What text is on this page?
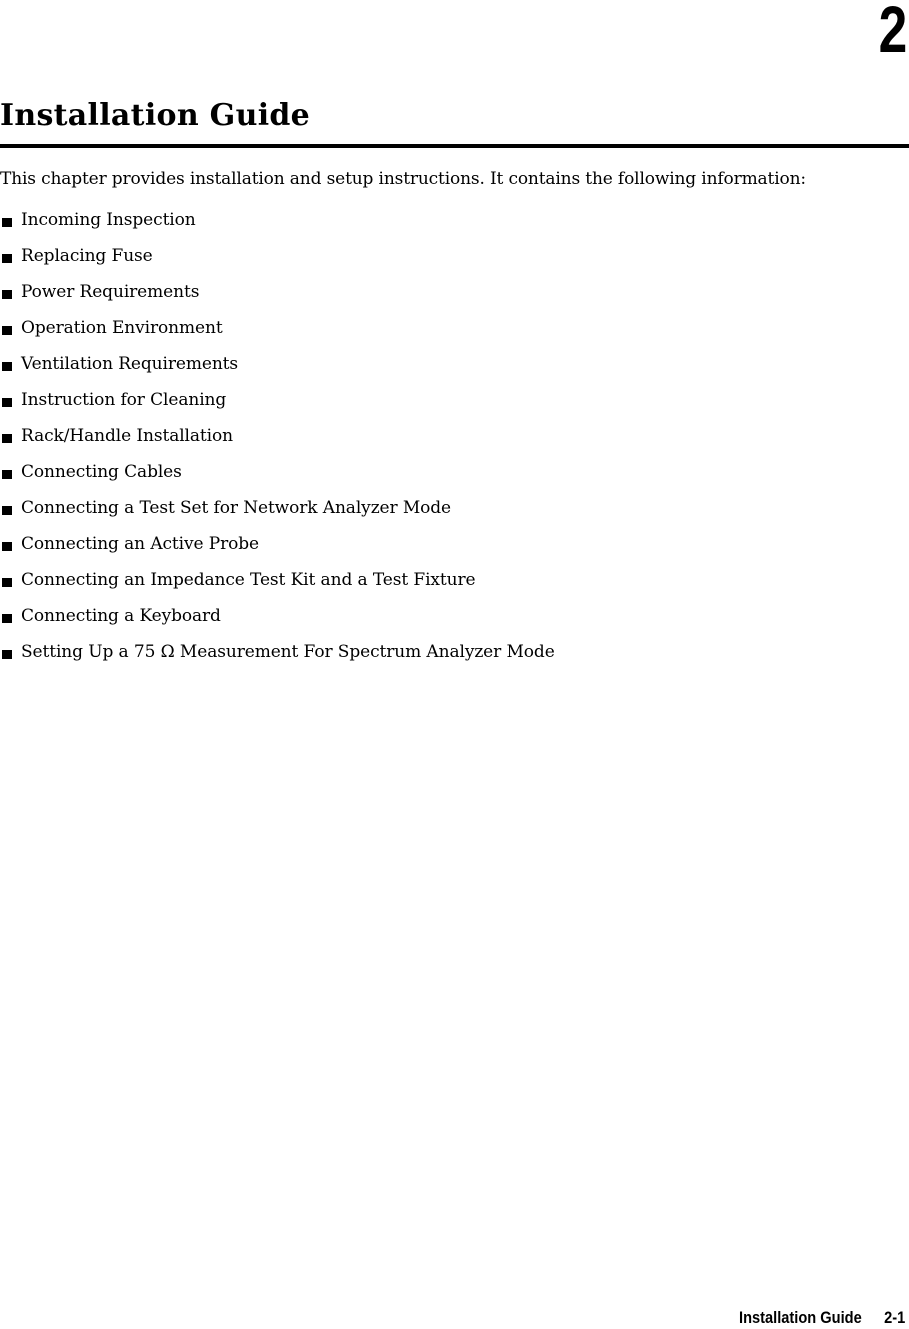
2
Installation Guide

This chapter provides installation and setup instructions. It contains the following information:

Incoming Inspection
Replacing Fuse
Power Requirements
Operation Environment
Ventilation Requirements
Instruction for Cleaning
Rack/Handle Installation
Connecting Cables
Connecting a Test Set for Network Analyzer Mode
Connecting an Active Probe
Connecting an Impedance Test Kit and a Test Fixture
Connecting a Keyboard
Setting Up a 75 Ω Measurement For Spectrum Analyzer Mode
Installation Guide 2-1
